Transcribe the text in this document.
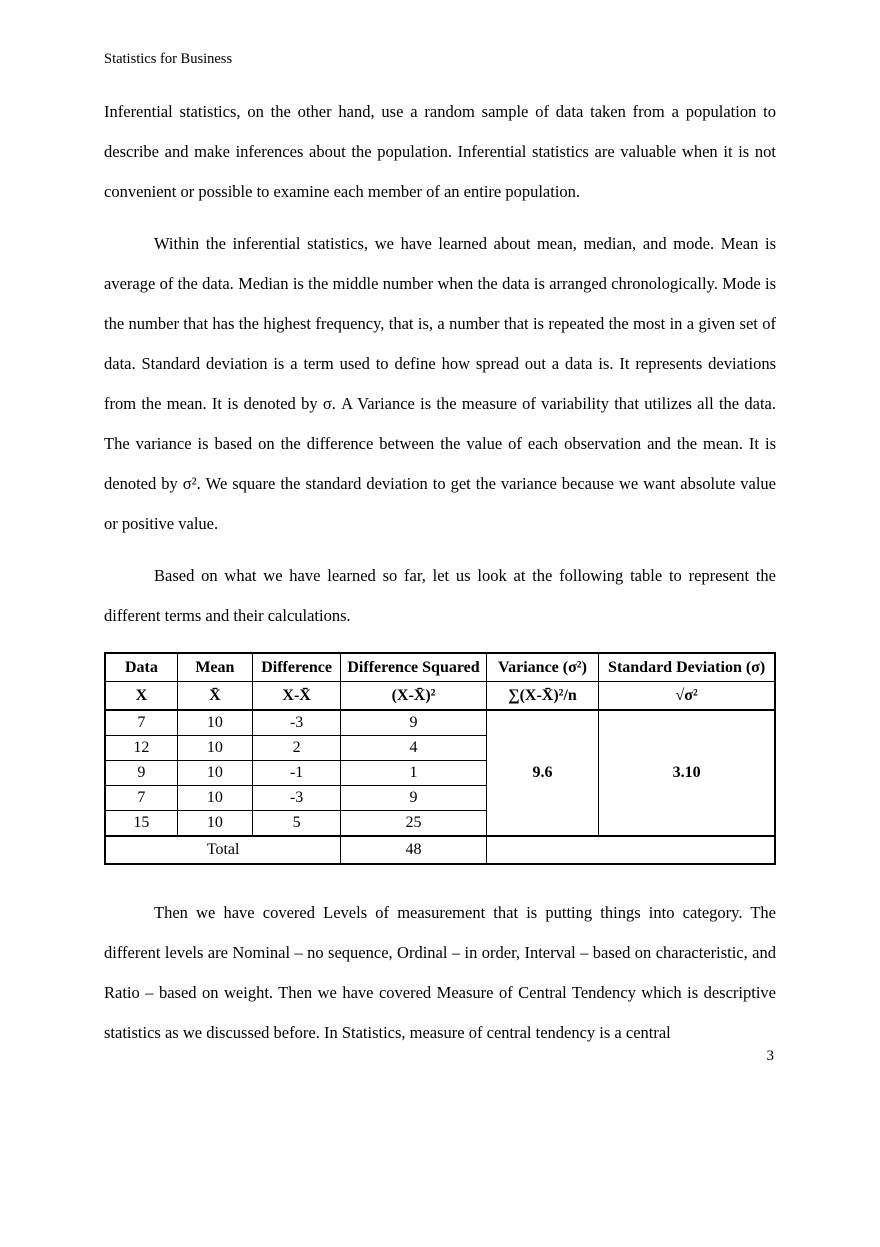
Statistics for Business

Inferential statistics, on the other hand, use a random sample of data taken from a population to describe and make inferences about the population. Inferential statistics are valuable when it is not convenient or possible to examine each member of an entire population.

Within the inferential statistics, we have learned about mean, median, and mode. Mean is average of the data. Median is the middle number when the data is arranged chronologically. Mode is the number that has the highest frequency, that is, a number that is repeated the most in a given set of data. Standard deviation is a term used to define how spread out a data is. It represents deviations from the mean. It is denoted by σ. A Variance is the measure of variability that utilizes all the data. The variance is based on the difference between the value of each observation and the mean. It is denoted by σ². We square the standard deviation to get the variance because we want absolute value or positive value.

Based on what we have learned so far, let us look at the following table to represent the different terms and their calculations.

Data	Mean	Difference	Difference Squared	Variance (σ²)	Standard Deviation (σ)
X	X̄	X-X̄	(X-X̄)²	∑(X-X̄)²/n	√σ²
7	10	-3	9	9.6	3.10
12	10	2	4		
9	10	-1	1		
7	10	-3	9		
15	10	5	25		
Total			48		

Then we have covered Levels of measurement that is putting things into category. The different levels are Nominal – no sequence, Ordinal – in order, Interval – based on characteristic, and Ratio – based on weight. Then we have covered Measure of Central Tendency which is descriptive statistics as we discussed before. In Statistics, measure of central tendency is a central

3
